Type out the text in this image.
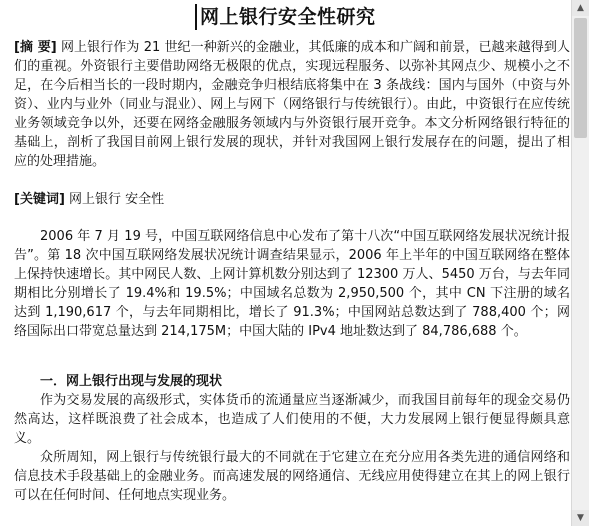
网上银行安全性研究
[摘 要] 网上银行作为 21 世纪一种新兴的金融业，其低廉的成本和广阔和前景，已越来越得到人们的重视。外资银行主要借助网络无极限的优点，实现远程服务、以弥补其网点少、规模小之不足，在今后相当长的一段时期内，金融竞争归根结底将集中在 3 条战线：国内与国外（中资与外资）、业内与业外（同业与混业）、网上与网下（网络银行与传统银行）。由此，中资银行在应传统业务领域竞争以外，还要在网络金融服务领域内与外资银行展开竞争。本文分析网络银行特征的基础上，剖析了我国目前网上银行发展的现状，并针对我国网上银行发展存在的问题，提出了相应的处理措施。
[关键词] 网上银行 安全性
2006 年 7 月 19 号，中国互联网络信息中心发布了第十八次“中国互联网络发展状况统计报告”。第 18 次中国互联网络发展状况统计调查结果显示，2006 年上半年的中国互联网络在整体上保持快速增长。其中网民人数、上网计算机数分别达到了 12300 万人、5450 万台，与去年同期相比分别增长了 19.4%和 19.5%；中国域名总数为 2,950,500 个，其中 CN 下注册的域名达到 1,190,617 个，与去年同期相比，增长了 91.3%；中国网站总数达到了 788,400 个；网络国际出口带宽总量达到 214,175M；中国大陆的 IPv4 地址数达到了 84,786,688 个。
一．网上银行出现与发展的现状
作为交易发展的高级形式，实体货币的流通量应当逐渐减少，而我国目前每年的现金交易仍然高达，这样既浪费了社会成本，也造成了人们使用的不便，大力发展网上银行便显得颇具意义。
众所周知，网上银行与传统银行最大的不同就在于它建立在充分应用各类先进的通信网络和信息技术手段基础上的金融业务。而高速发展的网络通信、无线应用使得建立在其上的网上银行可以在任何时间、任何地点实现业务。
▲
▼
